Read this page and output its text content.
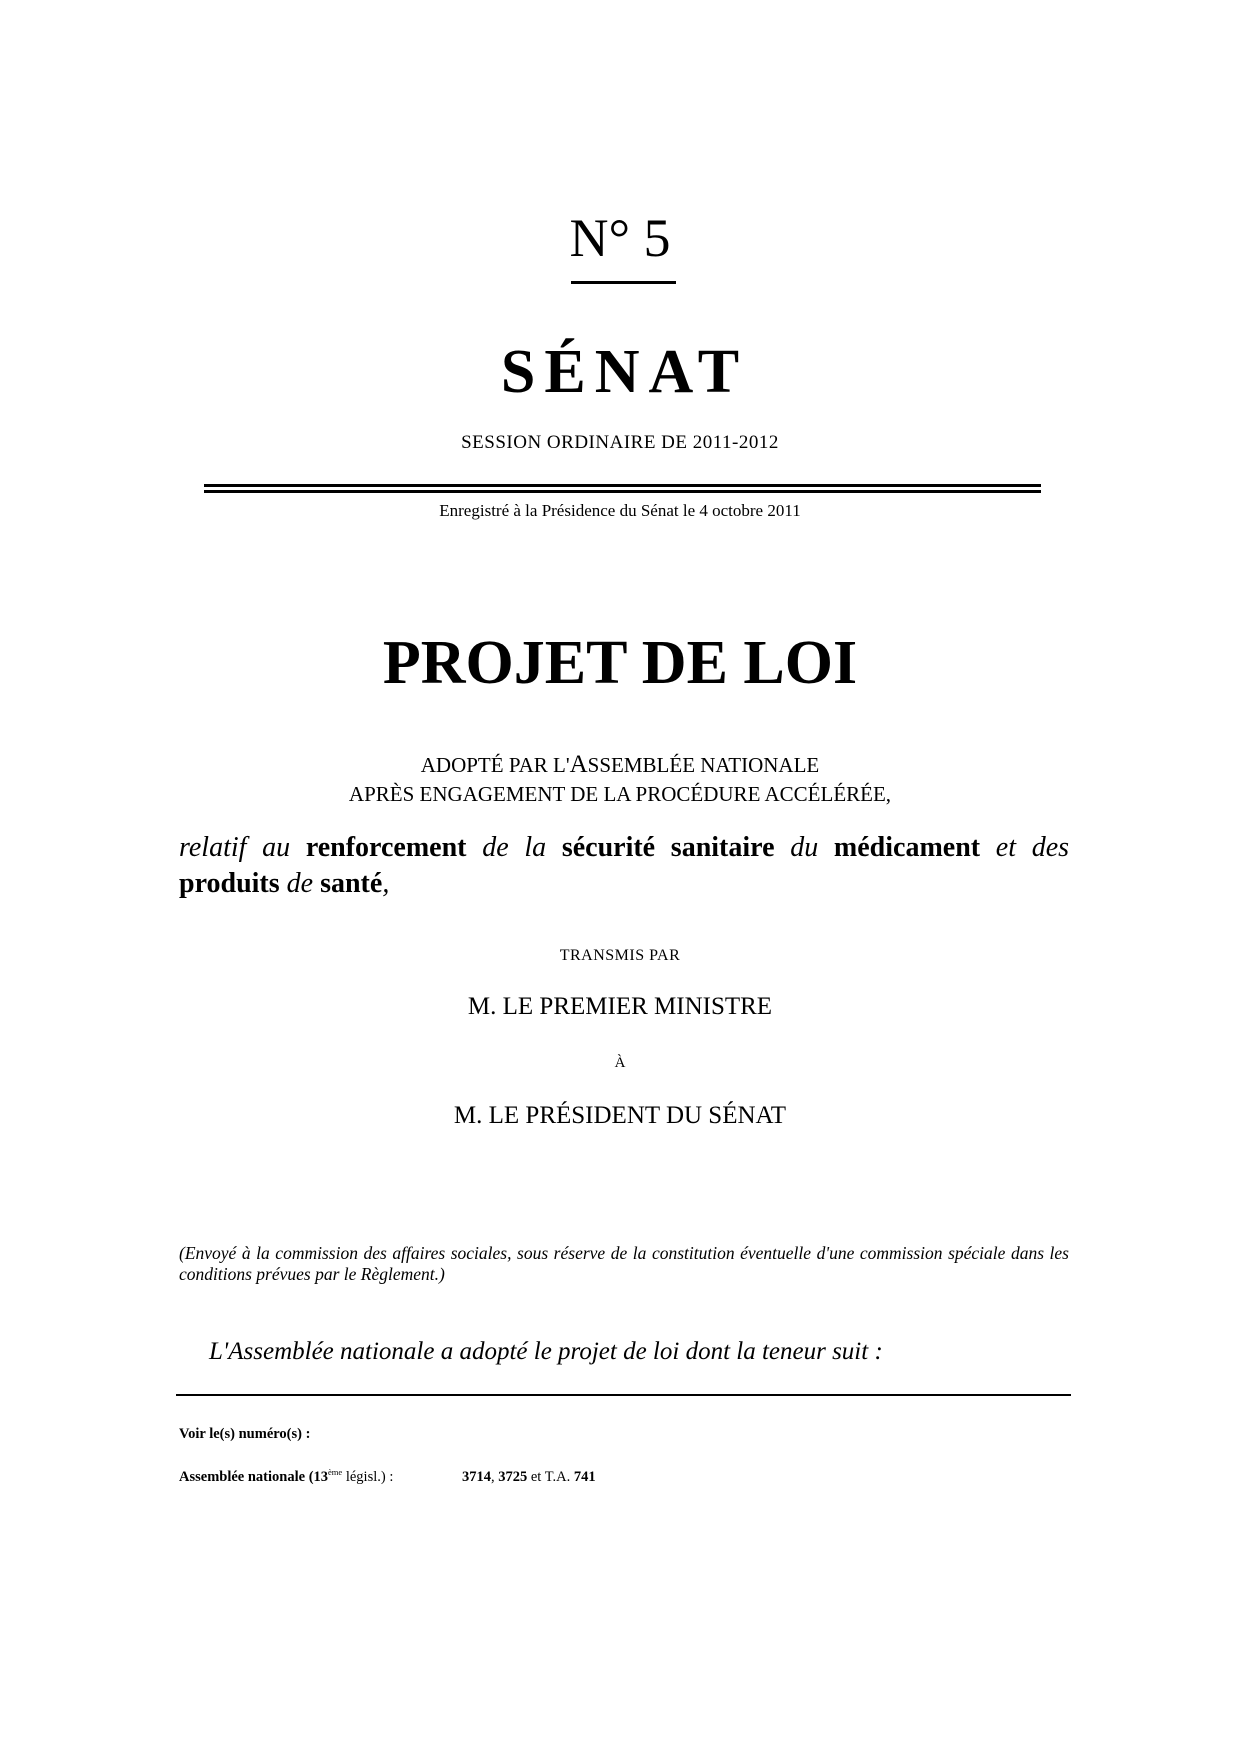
N° 5
SÉNAT
SESSION ORDINAIRE DE 2011-2012
Enregistré à la Présidence du Sénat le 4 octobre 2011
PROJET DE LOI
ADOPTÉ PAR L'ASSEMBLÉE NATIONALE
APRÈS ENGAGEMENT DE LA PROCÉDURE ACCÉLÉRÉE,
relatif au renforcement de la sécurité sanitaire du médicament et des produits de santé,
TRANSMIS PAR
M. LE PREMIER MINISTRE
À
M. LE PRÉSIDENT DU SÉNAT
(Envoyé à la commission des affaires sociales, sous réserve de la constitution éventuelle d'une commission spéciale dans les conditions prévues par le Règlement.)
L'Assemblée nationale a adopté le projet de loi dont la teneur suit :
Voir le(s) numéro(s) :
Assemblée nationale (13ème législ.) :	3714, 3725 et T.A. 741
